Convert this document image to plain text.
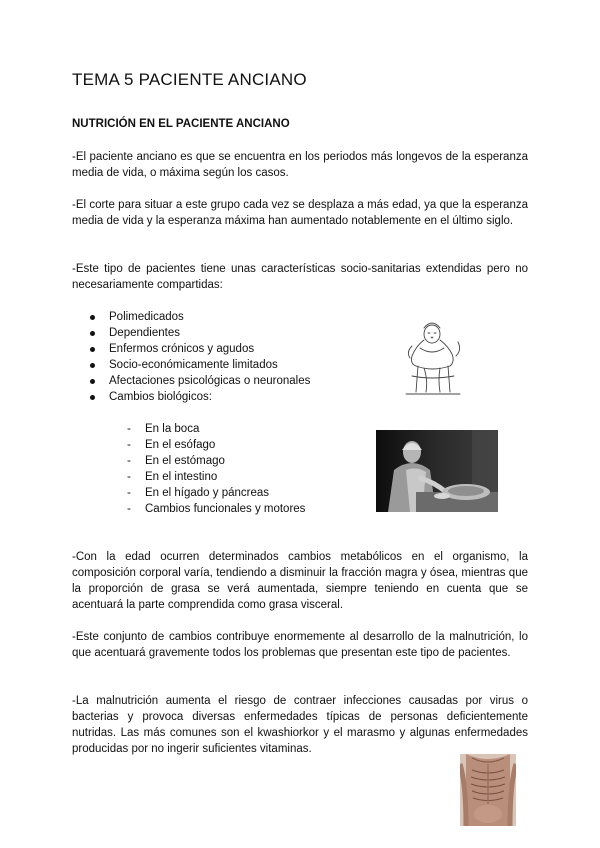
TEMA 5 PACIENTE ANCIANO
NUTRICIÓN EN EL PACIENTE ANCIANO

-El paciente anciano es que se encuentra en los periodos más longevos de la esperanza media de vida, o máxima según los casos.

-El corte para situar a este grupo cada vez se desplaza a más edad, ya que la esperanza media de vida y la esperanza máxima han aumentado notablemente en el último siglo.

-Este tipo de pacientes tiene unas características socio-sanitarias extendidas pero no necesariamente compartidas:

Polimedicados
Dependientes
Enfermos crónicos y agudos
Socio-económicamente limitados
Afectaciones psicológicas o neuronales
Cambios biológicos:
- En la boca
- En el esófago
- En el estómago
- En el intestino
- En el hígado y páncreas
- Cambios funcionales y motores

-Con la edad ocurren determinados cambios metabólicos en el organismo, la composición corporal varía, tendiendo a disminuir la fracción magra y ósea, mientras que la proporción de grasa se verá aumentada, siempre teniendo en cuenta que se acentuará la parte comprendida como grasa visceral.

-Este conjunto de cambios contribuye enormemente al desarrollo de la malnutrición, lo que acentuará gravemente todos los problemas que presentan este tipo de pacientes.

-La malnutrición aumenta el riesgo de contraer infecciones causadas por virus o bacterias y provoca diversas enfermedades típicas de personas deficientemente nutridas. Las más comunes son el kwashiorkor y el marasmo y algunas enfermedades producidas por no ingerir suficientes vitaminas.
